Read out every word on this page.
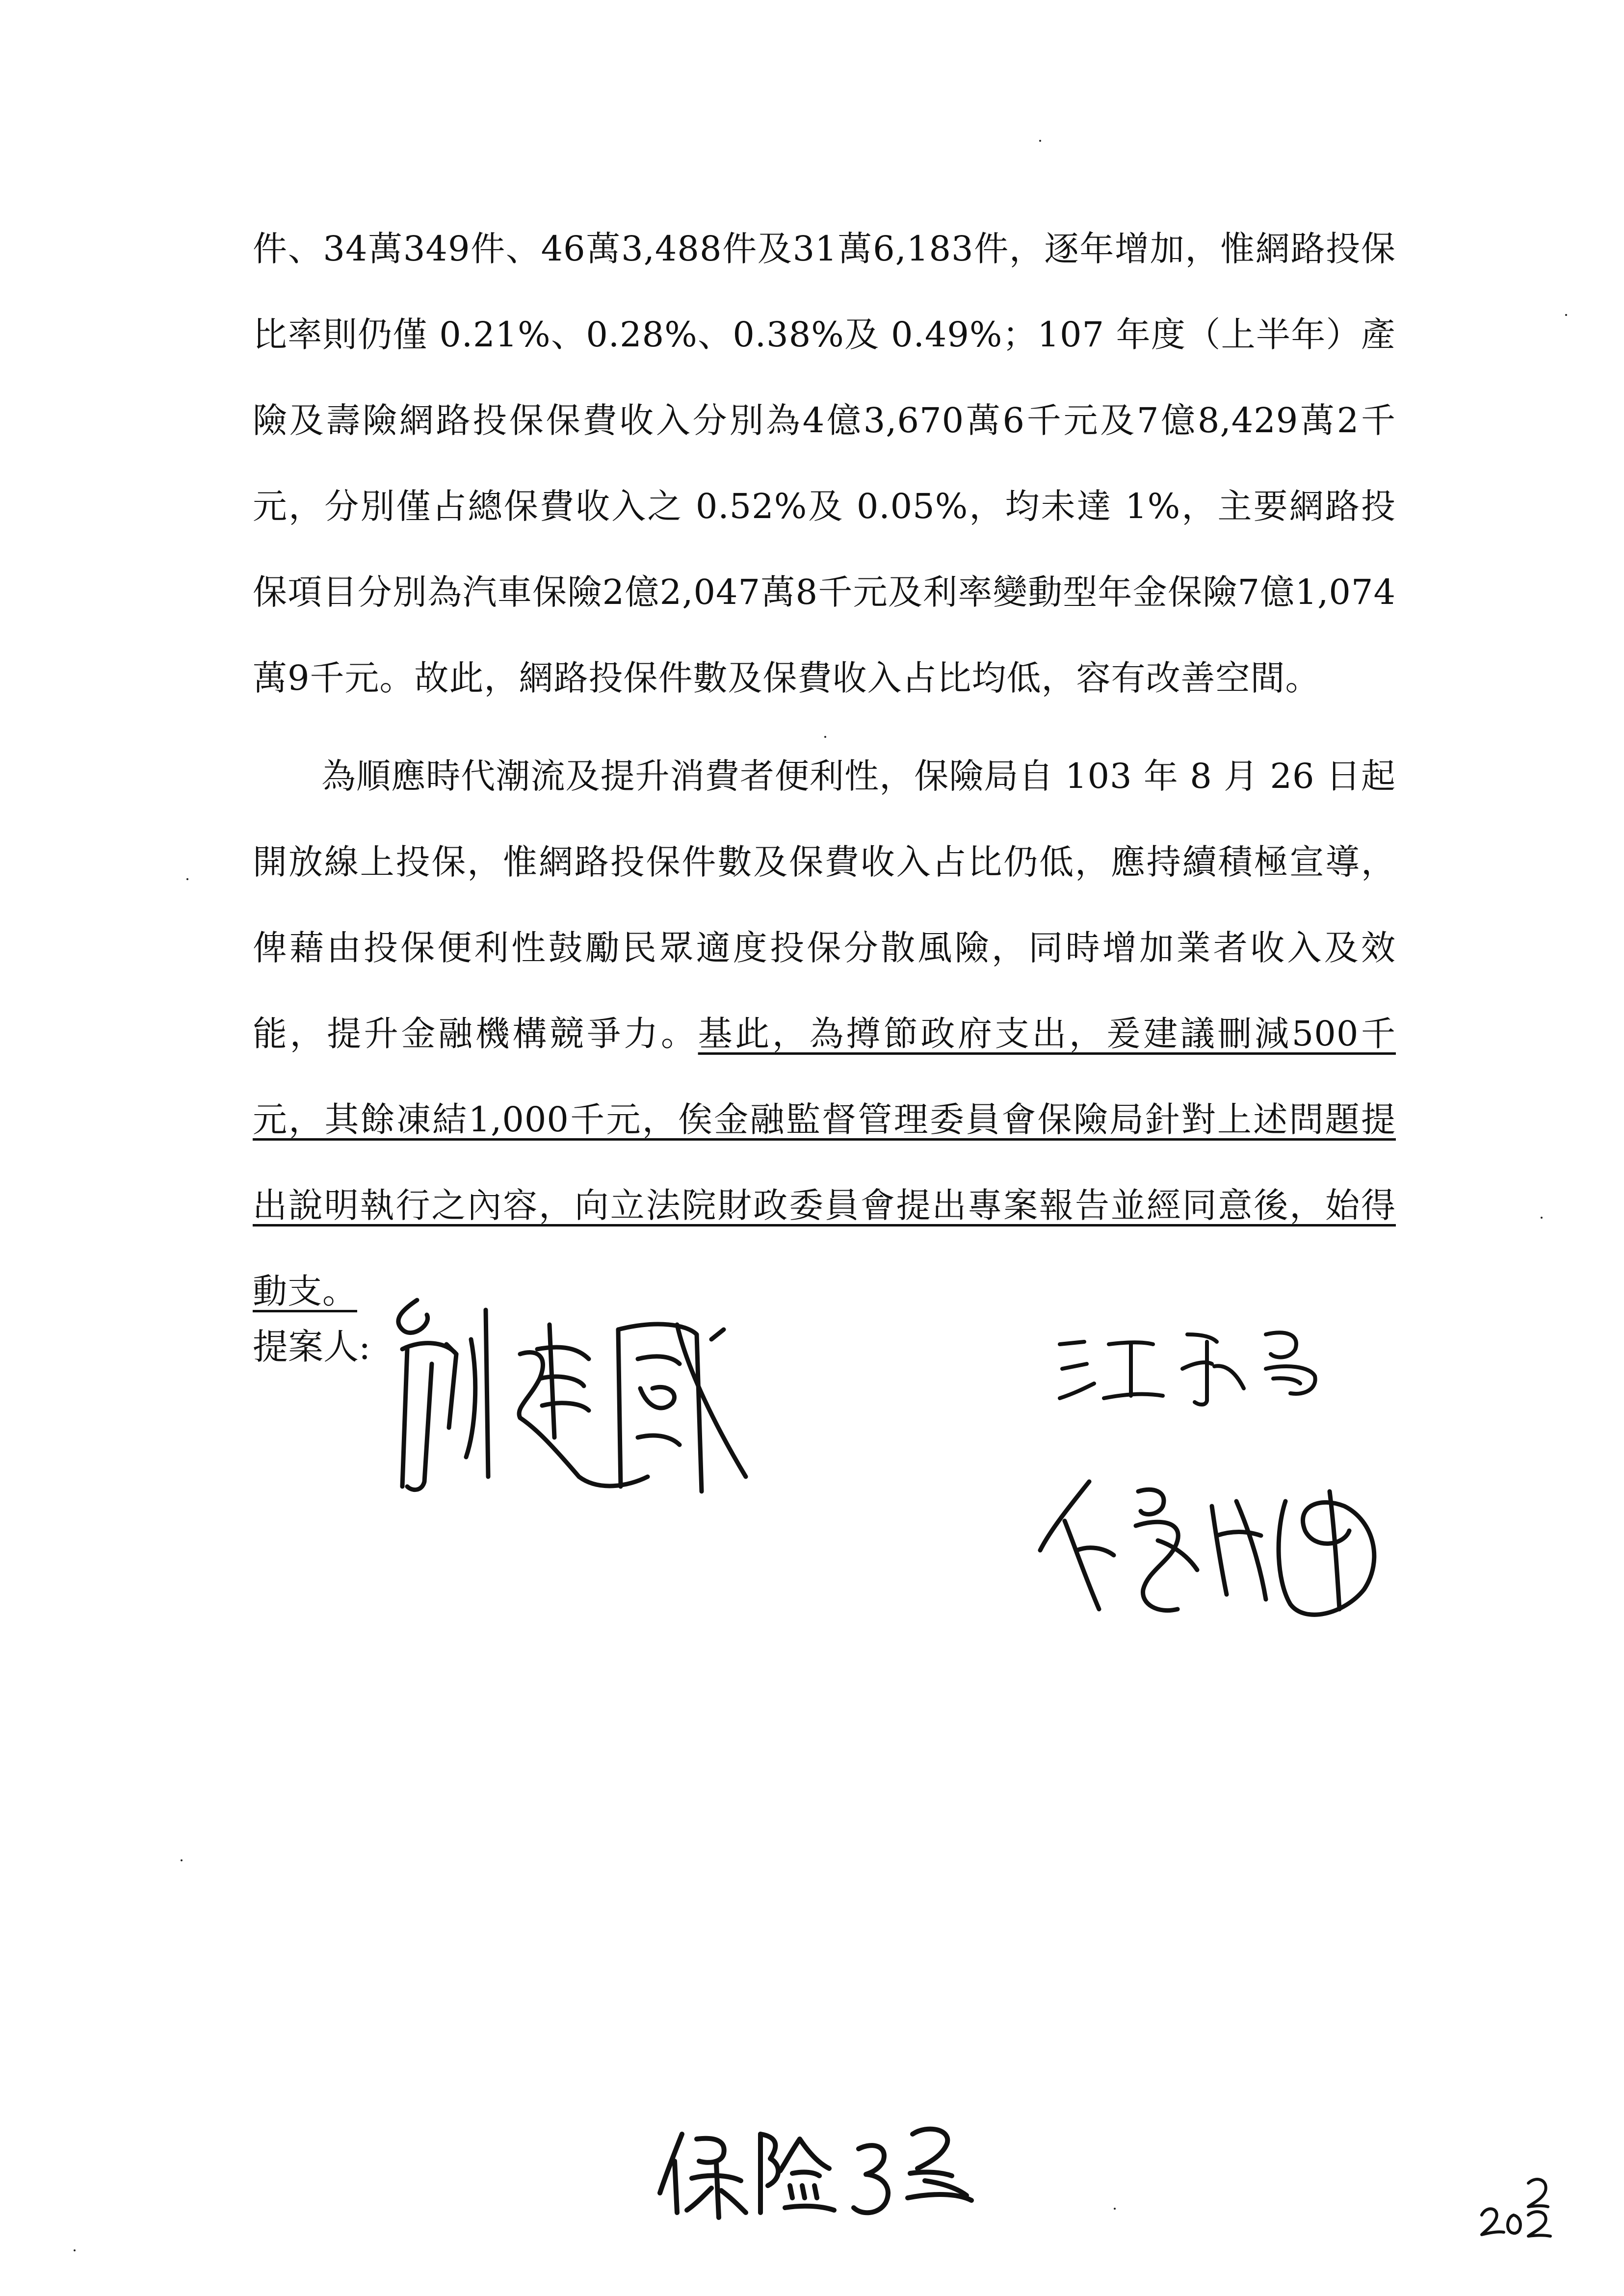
件、34萬349件、46萬3,488件及31萬6,183件，逐年增加，惟網路投保比率則仍僅 0.21%、0.28%、0.38%及 0.49%；107 年度（上半年）產險及壽險網路投保保費收入分別為4億3,670萬6千元及7億8,429萬2千元，分別僅占總保費收入之 0.52%及 0.05%，均未達 1%，主要網路投保項目分別為汽車保險2億2,047萬8千元及利率變動型年金保險7億1,074萬9千元。故此，網路投保件數及保費收入占比均低，容有改善空間。
為順應時代潮流及提升消費者便利性，保險局自 103 年 8 月 26 日起開放線上投保，惟網路投保件數及保費收入占比仍低，應持續積極宣導，俾藉由投保便利性鼓勵民眾適度投保分散風險，同時增加業者收入及效能，提升金融機構競爭力。基此，為撙節政府支出，爰建議刪減500千元，其餘凍結1,000千元，俟金融監督管理委員會保險局針對上述問題提出說明執行之內容，向立法院財政委員會提出專案報告並經同意後，始得動支。
提案人:
